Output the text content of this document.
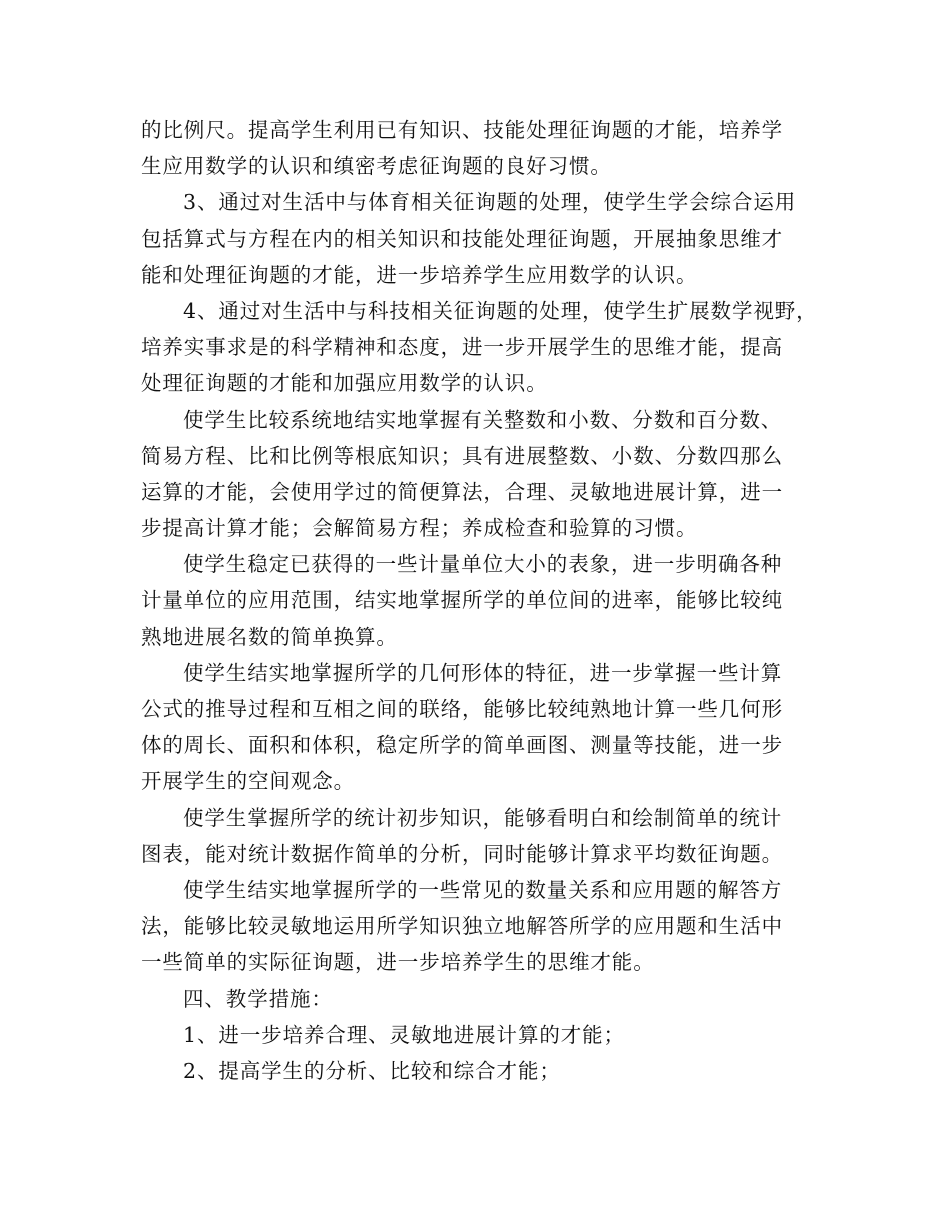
的比例尺。提高学生利用已有知识、技能处理征询题的才能，培养学
生应用数学的认识和缜密考虑征询题的良好习惯。
3、通过对生活中与体育相关征询题的处理，使学生学会综合运用
包括算式与方程在内的相关知识和技能处理征询题，开展抽象思维才
能和处理征询题的才能，进一步培养学生应用数学的认识。
4、通过对生活中与科技相关征询题的处理，使学生扩展数学视野，
培养实事求是的科学精神和态度，进一步开展学生的思维才能，提高
处理征询题的才能和加强应用数学的认识。
使学生比较系统地结实地掌握有关整数和小数、分数和百分数、
简易方程、比和比例等根底知识；具有进展整数、小数、分数四那么
运算的才能，会使用学过的简便算法，合理、灵敏地进展计算，进一
步提高计算才能；会解简易方程；养成检查和验算的习惯。
使学生稳定已获得的一些计量单位大小的表象，进一步明确各种
计量单位的应用范围，结实地掌握所学的单位间的进率，能够比较纯
熟地进展名数的简单换算。
使学生结实地掌握所学的几何形体的特征，进一步掌握一些计算
公式的推导过程和互相之间的联络，能够比较纯熟地计算一些几何形
体的周长、面积和体积，稳定所学的简单画图、测量等技能，进一步
开展学生的空间观念。
使学生掌握所学的统计初步知识，能够看明白和绘制简单的统计
图表，能对统计数据作简单的分析，同时能够计算求平均数征询题。
使学生结实地掌握所学的一些常见的数量关系和应用题的解答方
法，能够比较灵敏地运用所学知识独立地解答所学的应用题和生活中
一些简单的实际征询题，进一步培养学生的思维才能。
四、教学措施：
1、进一步培养合理、灵敏地进展计算的才能；
2、提高学生的分析、比较和综合才能；
